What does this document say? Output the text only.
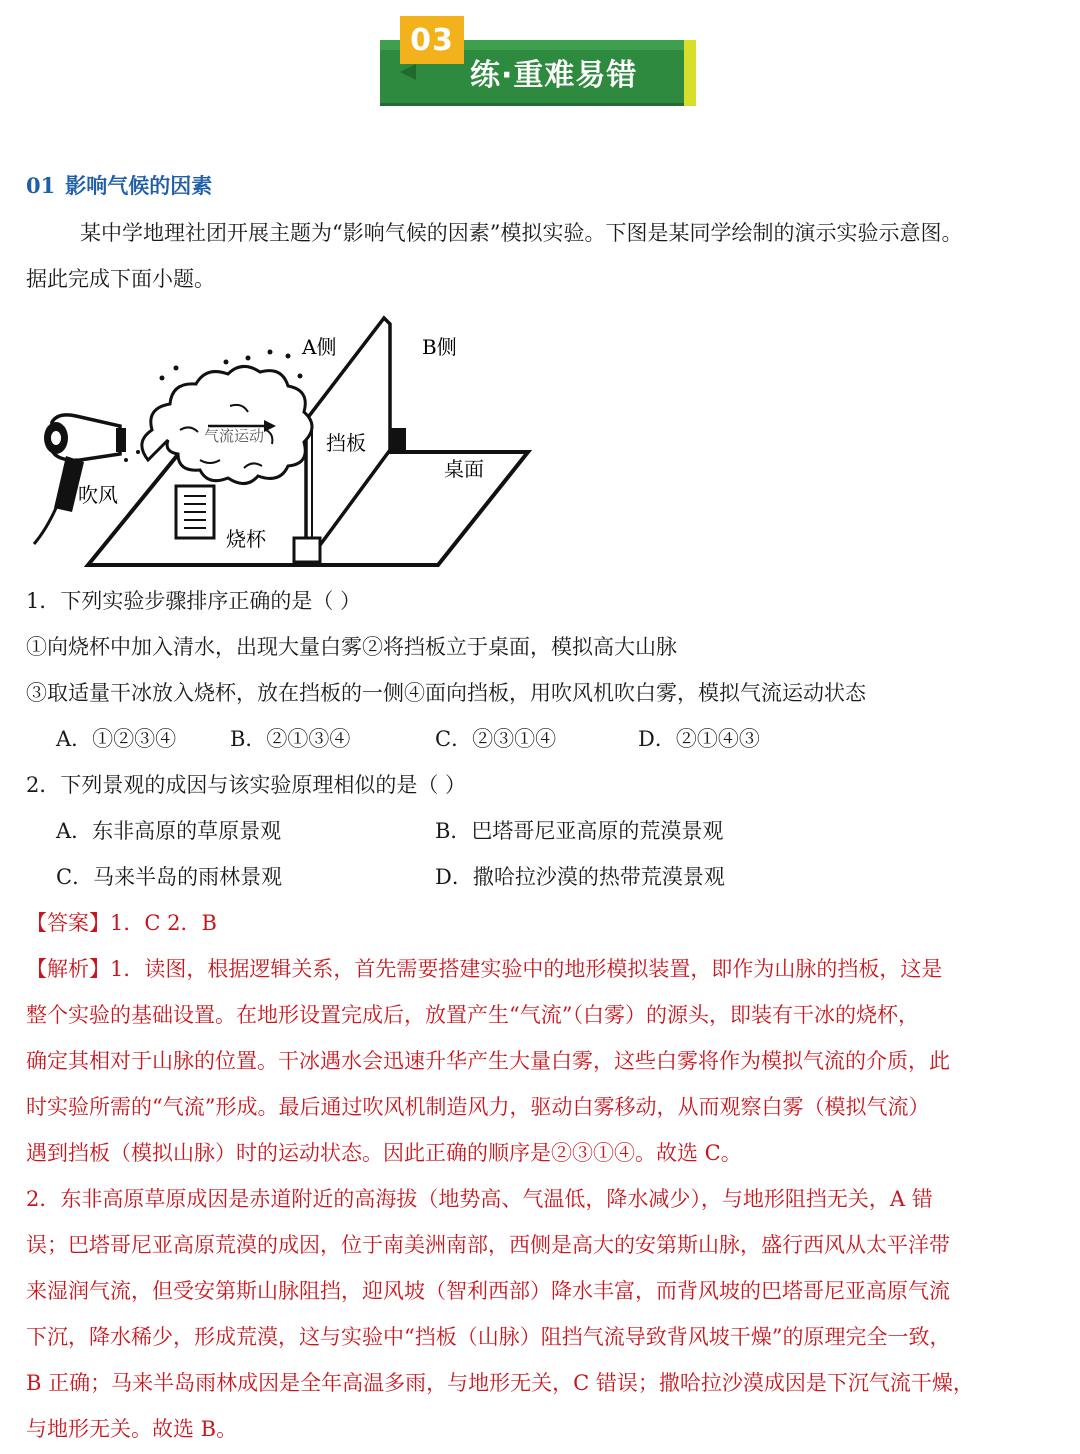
03
练·重难易错
01 影响气候的因素
某中学地理社团开展主题为“影响气候的因素”模拟实验。下图是某同学绘制的演示实验示意图。
据此完成下面小题。
A侧	B侧
气流运动	挡板
桌面
吹风
烧杯
1．下列实验步骤排序正确的是（ ）
①向烧杯中加入清水，出现大量白雾②将挡板立于桌面，模拟高大山脉
③取适量干冰放入烧杯，放在挡板的一侧④面向挡板，用吹风机吹白雾，模拟气流运动状态
A．①②③④	B．②①③④	C．②③①④	D．②①④③
2．下列景观的成因与该实验原理相似的是（ ）
A．东非高原的草原景观	B．巴塔哥尼亚高原的荒漠景观
C．马来半岛的雨林景观	D．撒哈拉沙漠的热带荒漠景观
【答案】1．C 2．B
【解析】1．读图，根据逻辑关系，首先需要搭建实验中的地形模拟装置，即作为山脉的挡板，这是
整个实验的基础设置。在地形设置完成后，放置产生“气流”（白雾）的源头，即装有干冰的烧杯，
确定其相对于山脉的位置。干冰遇水会迅速升华产生大量白雾，这些白雾将作为模拟气流的介质，此
时实验所需的“气流”形成。最后通过吹风机制造风力，驱动白雾移动，从而观察白雾（模拟气流）
遇到挡板（模拟山脉）时的运动状态。因此正确的顺序是②③①④。故选 C。
2．东非高原草原成因是赤道附近的高海拔（地势高、气温低，降水减少），与地形阻挡无关，A 错
误；巴塔哥尼亚高原荒漠的成因，位于南美洲南部，西侧是高大的安第斯山脉，盛行西风从太平洋带
来湿润气流，但受安第斯山脉阻挡，迎风坡（智利西部）降水丰富，而背风坡的巴塔哥尼亚高原气流
下沉，降水稀少，形成荒漠，这与实验中“挡板（山脉）阻挡气流导致背风坡干燥”的原理完全一致，
B 正确；马来半岛雨林成因是全年高温多雨，与地形无关，C 错误；撒哈拉沙漠成因是下沉气流干燥，
与地形无关。故选 B。
